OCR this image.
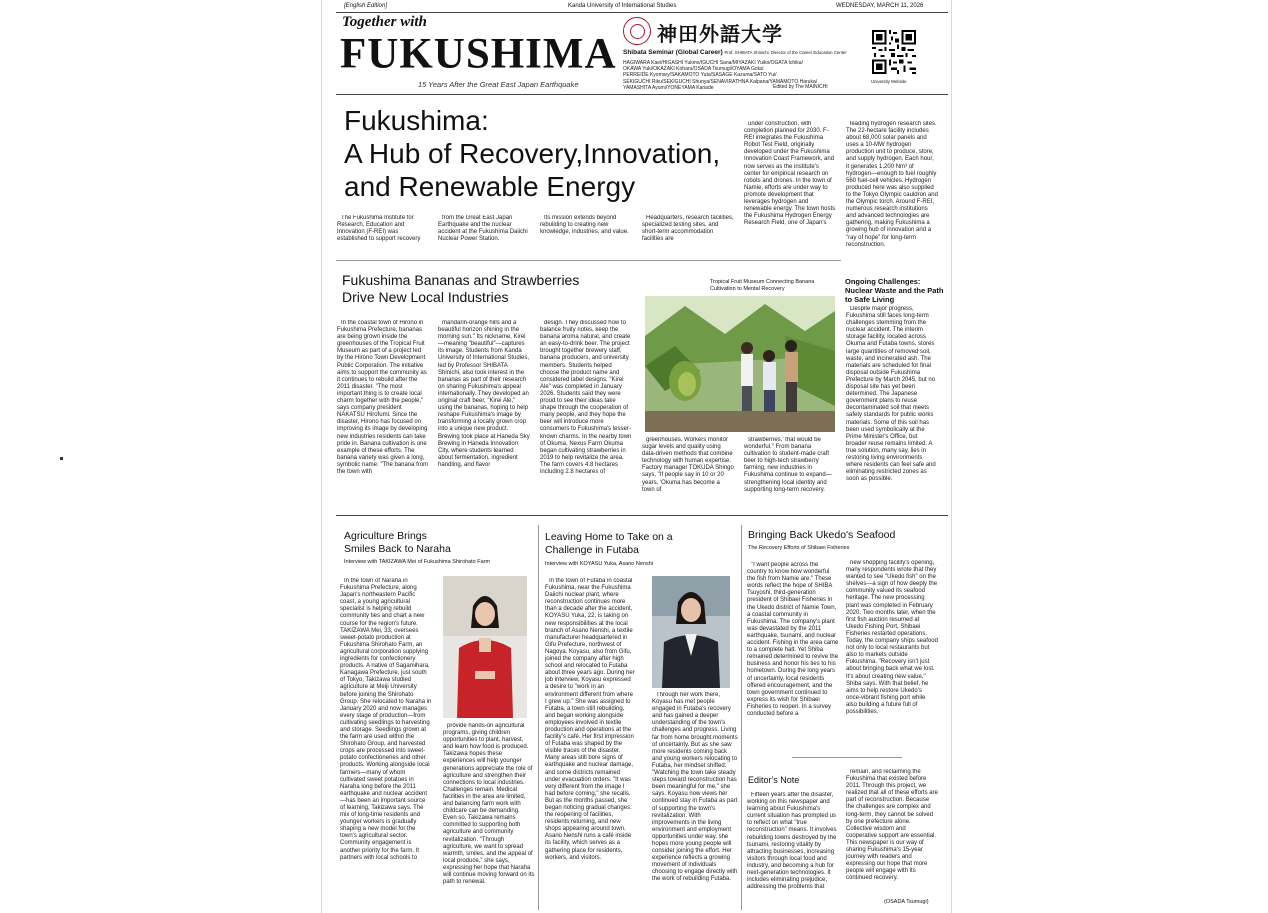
[English Edition]	Kanda University of International Studies	WEDNESDAY, MARCH 11, 2026
Together with
FUKUSHIMA
15 Years After the Great East Japan Earthquake
神田外語大学
Shibata Seminar (Global Career) Prof. SHIBATA Shinichi, Director of the Career Education Center
HAGIWARA Kaei/HIGASHI Yukino/IGUCHI Sana/MIYAZAKI Yuiko/OGATA Ichika/
OKAWA Yuki/OKAZAKI Koharu/OSADA Tsumugi/OYAMA Gota/
PERREIDE Kyomary/SAKAMOTO Yuta/SASAGE Kazuma/SATO Yui/
SEKIGUCHI Riku/SEKIGUCHI Shunya/SENAVIRATHNA Kalpana/YAMAMOTO Haruka/
YAMASHITA Ayumi/YONEYAMA Kanade	Edited by The MAINICHI
University Website
Fukushima:
A Hub of Recovery,Innovation,
and Renewable Energy

The Fukushima Institute for Research, Education and Innovation (F-REI) was established to support recovery

from the Great East Japan Earthquake and the nuclear accident at the Fukushima Daiichi Nuclear Power Station.

Its mission extends beyond rebuilding to creating new knowledge, industries, and value.

Headquarters, research facilities, specialized testing sites, and short-term accommodation facilities are

under construction, with completion planned for 2030. F-REI integrates the Fukushima Robot Test Field, originally developed under the Fukushima Innovation Coast Framework, and now serves as the institute's center for empirical research on robots and drones. In the town of Namie, efforts are under way to promote development that leverages hydrogen and renewable energy. The town hosts the Fukushima Hydrogen Energy Research Field, one of Japan's

leading hydrogen research sites. The 22-hectare facility includes about 68,000 solar panels and uses a 10-MW hydrogen production unit to produce, store, and supply hydrogen. Each hour, it generates 1,200 Nm³ of hydrogen—enough to fuel roughly 560 fuel-cell vehicles. Hydrogen produced here was also supplied to the Tokyo Olympic cauldron and the Olympic torch. Around F-REI, numerous research institutions and advanced technologies are gathering, making Fukushima a growing hub of innovation and a "ray of hope" for long-term reconstruction.

Fukushima Bananas and Strawberries
Drive New Local Industries
Tropical Fruit Museum Connecting Banana Cultivation to Mental Recovery

In the coastal town of Hirono in Fukushima Prefecture, bananas are being grown inside the greenhouses of the Tropical Fruit Museum as part of a project led by the Hirono Town Development Public Corporation. The initiative aims to support the community as it continues to rebuild after the 2011 disaster. "The most important thing is to create local charm together with the people," says company president NAKATSU Hirofumi. Since the disaster, Hirono has focused on improving its image by developing new industries residents can take pride in. Banana cultivation is one example of these efforts. The banana variety was given a long, symbolic name: "The banana from the town with

mandarin-orange hills and a beautiful horizon shining in the morning sun." Its nickname, Kirei—meaning "beautiful"—captures its image. Students from Kanda University of International Studies, led by Professor SHIBATA Shinichi, also took interest in the bananas as part of their research on sharing Fukushima's appeal internationally. They developed an original craft beer, "Kirei Ale," using the bananas, hoping to help reshape Fukushima's image by transforming a locally grown crop into a unique new product. Brewing took place at Haneda Sky Brewing in Haneda Innovation City, where students learned about fermentation, ingredient handling, and flavor

design. They discussed how to balance fruity notes, keep the banana aroma natural, and create an easy-to-drink beer. The project brought together brewery staff, banana producers, and university members. Students helped choose the product name and considered label designs. "Kirei Ale" was completed in January 2026. Students said they were proud to see their ideas take shape through the cooperation of many people, and they hope the beer will introduce more consumers to Fukushima's lesser-known charms. In the nearby town of Okuma, Nexus Farm Okuma began cultivating strawberries in 2019 to help revitalize the area. The farm covers 4.8 hectares including 2.8 hectares of

greenhouses. Workers monitor sugar levels and quality using data-driven methods that combine technology with human expertise. Factory manager TOKUDA Shingo says, "If people say in 10 or 20 years, 'Okuma has become a town of

strawberries,' that would be wonderful." From banana cultivation to student-made craft beer to high-tech strawberry farming, new industries in Fukushima continue to expand—strengthening local identity and supporting long-term recovery.

Ongoing Challenges: Nuclear Waste and the Path to Safe Living

Despite major progress, Fukushima still faces long-term challenges stemming from the nuclear accident. The interim storage facility, located across Okuma and Futaba towns, stores large quantities of removed soil, waste, and incinerated ash. The materials are scheduled for final disposal outside Fukushima Prefecture by March 2045, but no disposal site has yet been determined. The Japanese government plans to reuse decontaminated soil that meets safety standards for public works materials. Some of this soil has been used symbolically at the Prime Minister's Office, but broader reuse remains limited. A true solution, many say, lies in restoring living environments where residents can feel safe and eliminating restricted zones as soon as possible.

Agriculture Brings
Smiles Back to Naraha
Interview with TAKIZAWA Mei of Fukushima Shirohato Farm

In the town of Naraha in Fukushima Prefecture, along Japan's northeastern Pacific coast, a young agricultural specialist is helping rebuild community ties and chart a new course for the region's future. TAKIZAWA Mei, 33, oversees sweet-potato production at Fukushima Shirohato Farm, an agricultural corporation supplying ingredients for confectionery products. A native of Sagamihara, Kanagawa Prefecture, just south of Tokyo, Takizawa studied agriculture at Meiji University before joining the Shirohato Group. She relocated to Naraha in January 2020 and now manages every stage of production—from cultivating seedlings to harvesting and storage. Seedlings grown at the farm are used within the Shirohato Group, and harvested crops are processed into sweet-potato confectioneries and other products. Working alongside local farmers—many of whom cultivated sweet potatoes in Naraha long before the 2011 earthquake and nuclear accident—has been an important source of learning, Takizawa says. The mix of long-time residents and younger workers is gradually shaping a new model for the town's agricultural sector. Community engagement is another priority for the farm. It partners with local schools to

provide hands-on agricultural programs, giving children opportunities to plant, harvest, and learn how food is produced. Takizawa hopes these experiences will help younger generations appreciate the role of agriculture and strengthen their connections to local industries. Challenges remain. Medical facilities in the area are limited, and balancing farm work with childcare can be demanding. Even so, Takizawa remains committed to supporting both agriculture and community revitalization. "Through agriculture, we want to spread warmth, smiles, and the appeal of local produce," she says, expressing her hope that Naraha will continue moving forward on its path to renewal.

Leaving Home to Take on a
Challenge in Futaba
Interview with KOYASU Yuka, Asano Nenshi

In the town of Futaba in coastal Fukushima, near the Fukushima Daiichi nuclear plant, where reconstruction continues more than a decade after the accident, KOYASU Yuka, 22, is taking on new responsibilities at the local branch of Asano Nenshi, a textile manufacturer headquartered in Gifu Prefecture, northwest of Nagoya. Koyasu, also from Gifu, joined the company after high school and relocated to Futaba about three years ago. During her job interview, Koyasu expressed a desire to "work in an environment different from where I grew up." She was assigned to Futaba, a town still rebuilding, and began working alongside employees involved in textile production and operations at the facility's café. Her first impression of Futaba was shaped by the visible traces of the disaster. Many areas still bore signs of earthquake and nuclear damage, and some districts remained under evacuation orders. "It was very different from the image I had before coming," she recalls. But as the months passed, she began noticing gradual changes: the reopening of facilities, residents returning, and new shops appearing around town. Asano Nenshi runs a café inside its facility, which serves as a gathering place for residents, workers, and visitors.

Through her work there, Koyasu has met people engaged in Futaba's recovery and has gained a deeper understanding of the town's challenges and progress. Living far from home brought moments of uncertainty. But as she saw more residents coming back and young workers relocating to Futaba, her mindset shifted. "Watching the town take steady steps toward reconstruction has been meaningful for me," she says. Koyasu now views her continued stay in Futaba as part of supporting the town's revitalization. With improvements in the living environment and employment opportunities under way, she hopes more young people will consider joining the effort. Her experience reflects a growing movement of individuals choosing to engage directly with the work of rebuilding Futaba.

Bringing Back Ukedo's Seafood
The Recovery Efforts of Shibaei Fisheries

"I want people across the country to know how wonderful the fish from Namie are." These words reflect the hope of SHIBA Tsuyoshi, third-generation president of Shibaei Fisheries in the Ukedo district of Namie Town, a coastal community in Fukushima. The company's plant was devastated by the 2011 earthquake, tsunami, and nuclear accident. Fishing in the area came to a complete halt. Yet Shiba remained determined to revive the business and honor his ties to his hometown. During the long years of uncertainty, local residents offered encouragement, and the town government continued to express its wish for Shibaei Fisheries to reopen. In a survey conducted before a

new shopping facility's opening, many respondents wrote that they wanted to see "Ukedo fish" on the shelves—a sign of how deeply the community valued its seafood heritage. The new processing plant was completed in February 2020. Two months later, when the first fish auction resumed at Ukedo Fishing Port, Shibaei Fisheries restarted operations. Today, the company ships seafood not only to local restaurants but also to markets outside Fukushima. "Recovery isn't just about bringing back what we lost. It's about creating new value," Shiba says. With that belief, he aims to help restore Ukedo's once-vibrant fishing port while also building a future full of possibilities.

Editor's Note

Fifteen years after the disaster, working on this newspaper and learning about Fukushima's current situation has prompted us to reflect on what "true reconstruction" means. It involves rebuilding towns destroyed by the tsunami, restoring vitality by attracting businesses, increasing visitors through local food and industry, and becoming a hub for next-generation technologies. It includes eliminating prejudice, addressing the problems that

remain, and reclaiming the Fukushima that existed before 2011. Through this project, we realized that all of these efforts are part of reconstruction. Because the challenges are complex and long-term, they cannot be solved by one prefecture alone. Collective wisdom and cooperative support are essential. This newspaper is our way of sharing Fukushima's 15-year journey with readers and expressing our hope that more people will engage with its continued recovery.

(OSADA Tsumugi)
